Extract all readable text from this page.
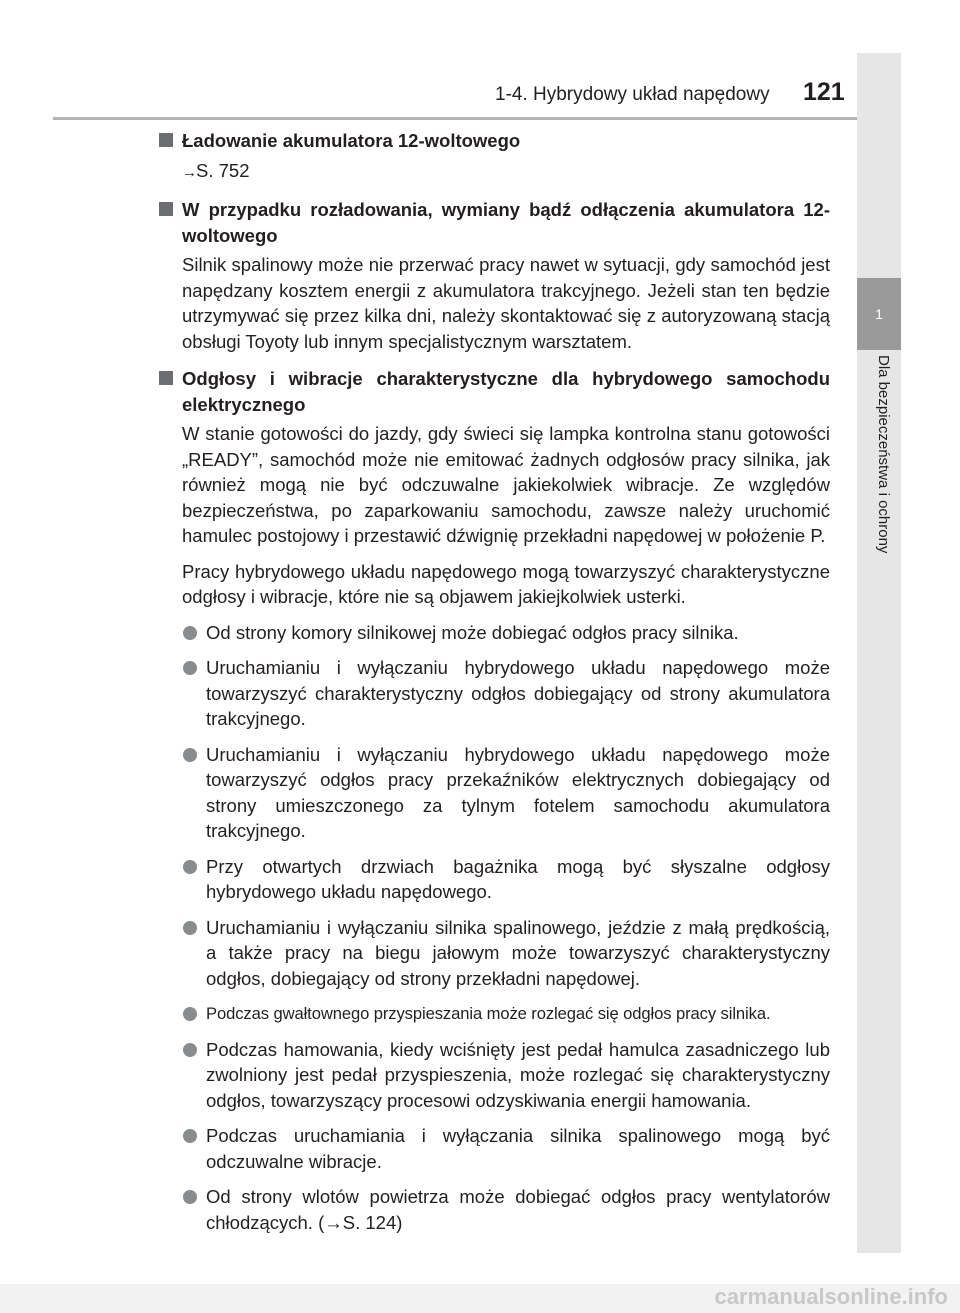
1-4. Hybrydowy układ napędowy 121
1
Dla bezpieczeństwa i ochrony
Ładowanie akumulatora 12-woltowego
→S. 752
W przypadku rozładowania, wymiany bądź odłączenia akumulatora 12-woltowego
Silnik spalinowy może nie przerwać pracy nawet w sytuacji, gdy samochód jest napędzany kosztem energii z akumulatora trakcyjnego. Jeżeli stan ten będzie utrzymywać się przez kilka dni, należy skontaktować się z autoryzowaną stacją obsługi Toyoty lub innym specjalistycznym warsztatem.
Odgłosy i wibracje charakterystyczne dla hybrydowego samochodu elektrycznego
W stanie gotowości do jazdy, gdy świeci się lampka kontrolna stanu gotowości „READY”, samochód może nie emitować żadnych odgłosów pracy silnika, jak również mogą nie być odczuwalne jakiekolwiek wibracje. Ze względów bezpieczeństwa, po zaparkowaniu samochodu, zawsze należy uruchomić hamulec postojowy i przestawić dźwignię przekładni napędowej w położenie P.
Pracy hybrydowego układu napędowego mogą towarzyszyć charakterystyczne odgłosy i wibracje, które nie są objawem jakiejkolwiek usterki.
Od strony komory silnikowej może dobiegać odgłos pracy silnika.
Uruchamianiu i wyłączaniu hybrydowego układu napędowego może towarzyszyć charakterystyczny odgłos dobiegający od strony akumulatora trakcyjnego.
Uruchamianiu i wyłączaniu hybrydowego układu napędowego może towarzyszyć odgłos pracy przekaźników elektrycznych dobiegający od strony umieszczonego za tylnym fotelem samochodu akumulatora trakcyjnego.
Przy otwartych drzwiach bagażnika mogą być słyszalne odgłosy hybrydowego układu napędowego.
Uruchamianiu i wyłączaniu silnika spalinowego, jeździe z małą prędkością, a także pracy na biegu jałowym może towarzyszyć charakterystyczny odgłos, dobiegający od strony przekładni napędowej.
Podczas gwałtownego przyspieszania może rozlegać się odgłos pracy silnika.
Podczas hamowania, kiedy wciśnięty jest pedał hamulca zasadniczego lub zwolniony jest pedał przyspieszenia, może rozlegać się charakterystyczny odgłos, towarzyszący procesowi odzyskiwania energii hamowania.
Podczas uruchamiania i wyłączania silnika spalinowego mogą być odczuwalne wibracje.
Od strony wlotów powietrza może dobiegać odgłos pracy wentylatorów chłodzących. (→S. 124)
carmanualsonline.info
